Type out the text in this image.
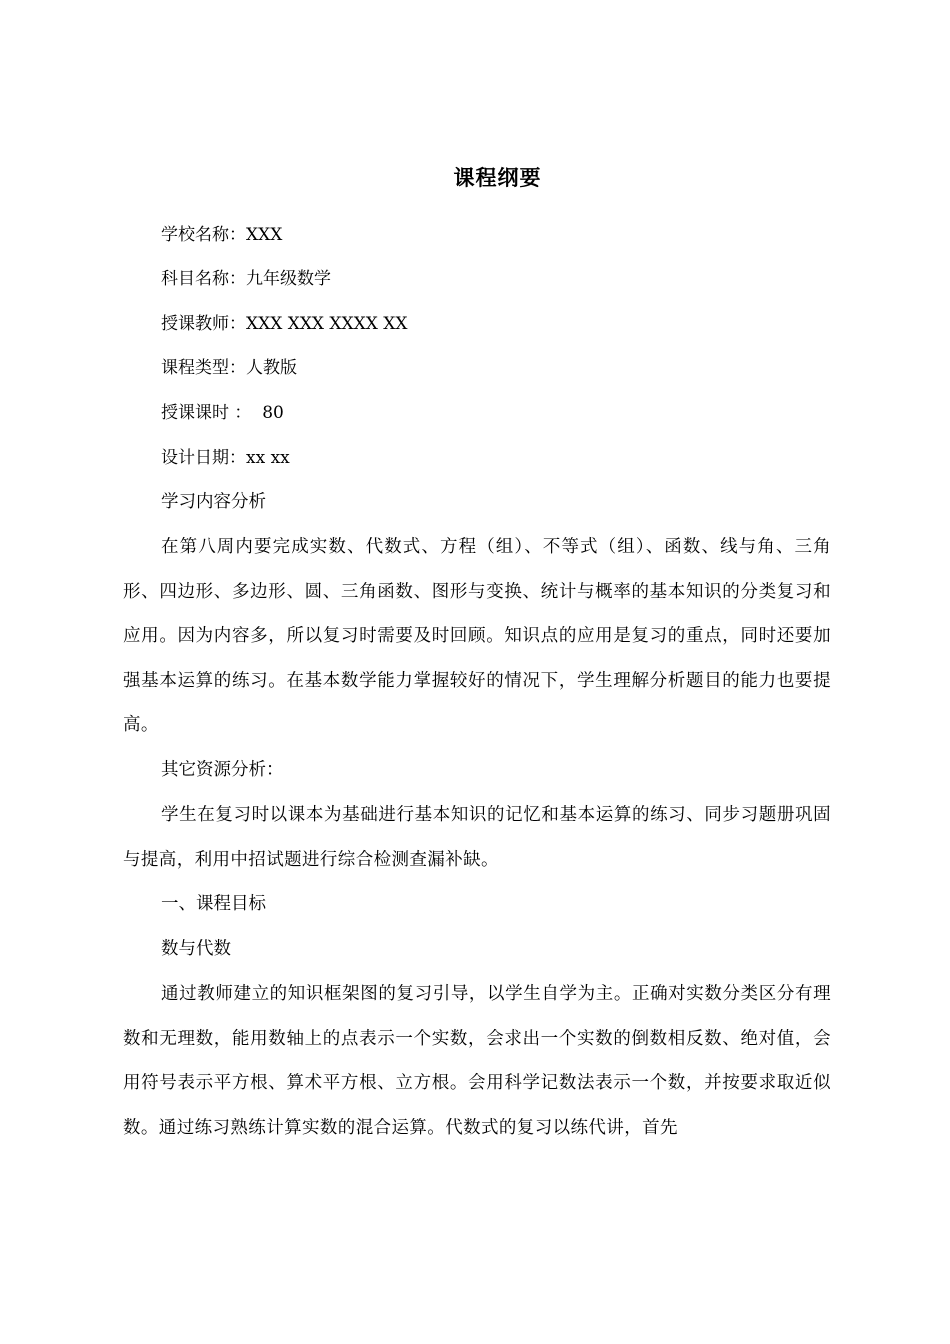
课程纲要
学校名称：XXX
科目名称：九年级数学
授课教师：XXX XXX XXXX XX
课程类型：人教版
授课课时 ：  80
设计日期：xx xx
学习内容分析
在第八周内要完成实数、代数式、方程（组）、不等式（组）、函数、线与角、三角形、四边形、多边形、圆、三角函数、图形与变换、统计与概率的基本知识的分类复习和应用。因为内容多，所以复习时需要及时回顾。知识点的应用是复习的重点，同时还要加强基本运算的练习。在基本数学能力掌握较好的情况下，学生理解分析题目的能力也要提高。
其它资源分析：
学生在复习时以课本为基础进行基本知识的记忆和基本运算的练习、同步习题册巩固与提高，利用中招试题进行综合检测查漏补缺。
一、课程目标
数与代数
通过教师建立的知识框架图的复习引导，以学生自学为主。正确对实数分类区分有理数和无理数，能用数轴上的点表示一个实数，会求出一个实数的倒数相反数、绝对值，会用符号表示平方根、算术平方根、立方根。会用科学记数法表示一个数，并按要求取近似数。通过练习熟练计算实数的混合运算。代数式的复习以练代讲，首先
